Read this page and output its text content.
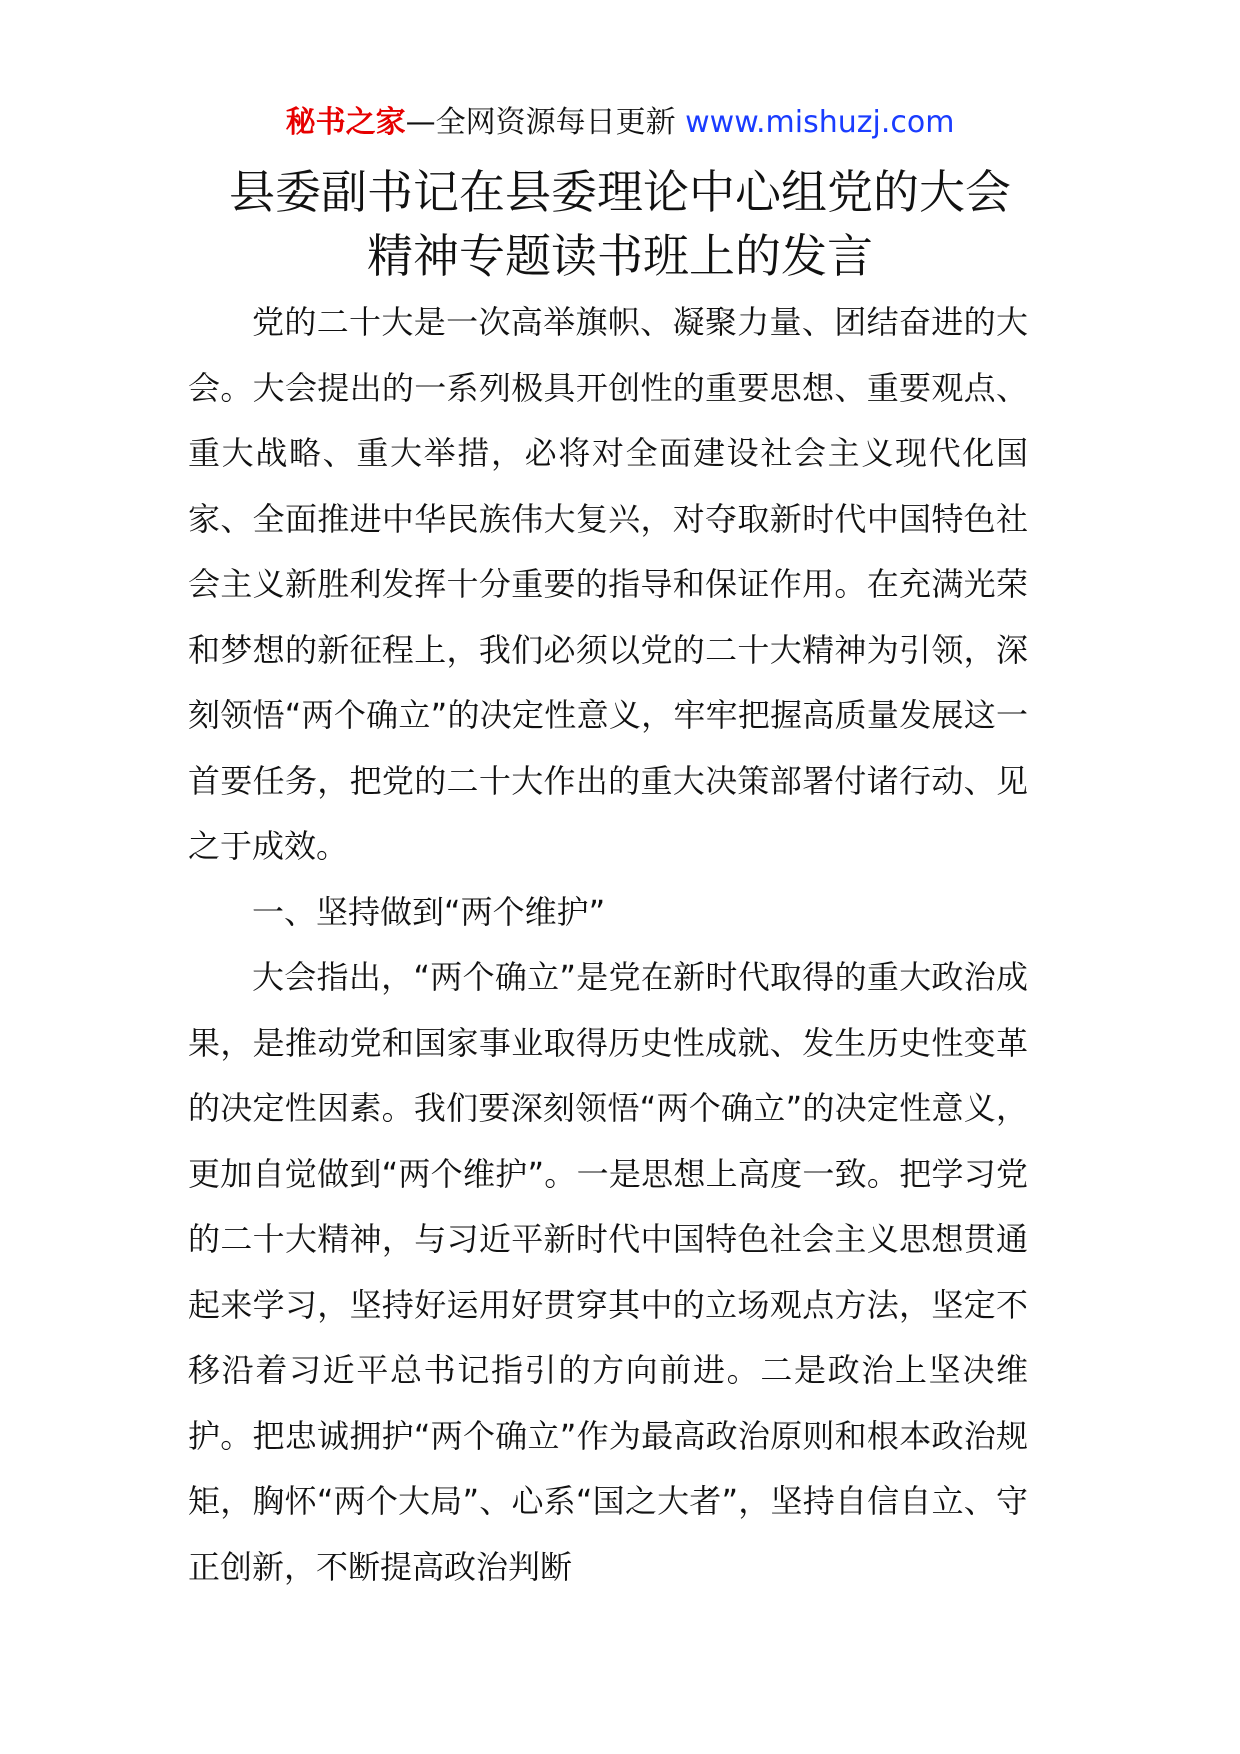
秘书之家—全网资源每日更新 www.mishuzj.com
县委副书记在县委理论中心组党的大会
精神专题读书班上的发言

党的二十大是一次高举旗帜、凝聚力量、团结奋进的大会。大会提出的一系列极具开创性的重要思想、重要观点、重大战略、重大举措，必将对全面建设社会主义现代化国家、全面推进中华民族伟大复兴，对夺取新时代中国特色社会主义新胜利发挥十分重要的指导和保证作用。在充满光荣和梦想的新征程上，我们必须以党的二十大精神为引领，深刻领悟“两个确立”的决定性意义，牢牢把握高质量发展这一首要任务，把党的二十大作出的重大决策部署付诸行动、见之于成效。

一、坚持做到“两个维护”

大会指出，“两个确立”是党在新时代取得的重大政治成果，是推动党和国家事业取得历史性成就、发生历史性变革的决定性因素。我们要深刻领悟“两个确立”的决定性意义，更加自觉做到“两个维护”。一是思想上高度一致。把学习党的二十大精神，与习近平新时代中国特色社会主义思想贯通起来学习，坚持好运用好贯穿其中的立场观点方法，坚定不移沿着习近平总书记指引的方向前进。二是政治上坚决维护。把忠诚拥护“两个确立”作为最高政治原则和根本政治规矩，胸怀“两个大局”、心系“国之大者”，坚持自信自立、守正创新，不断提高政治判断
